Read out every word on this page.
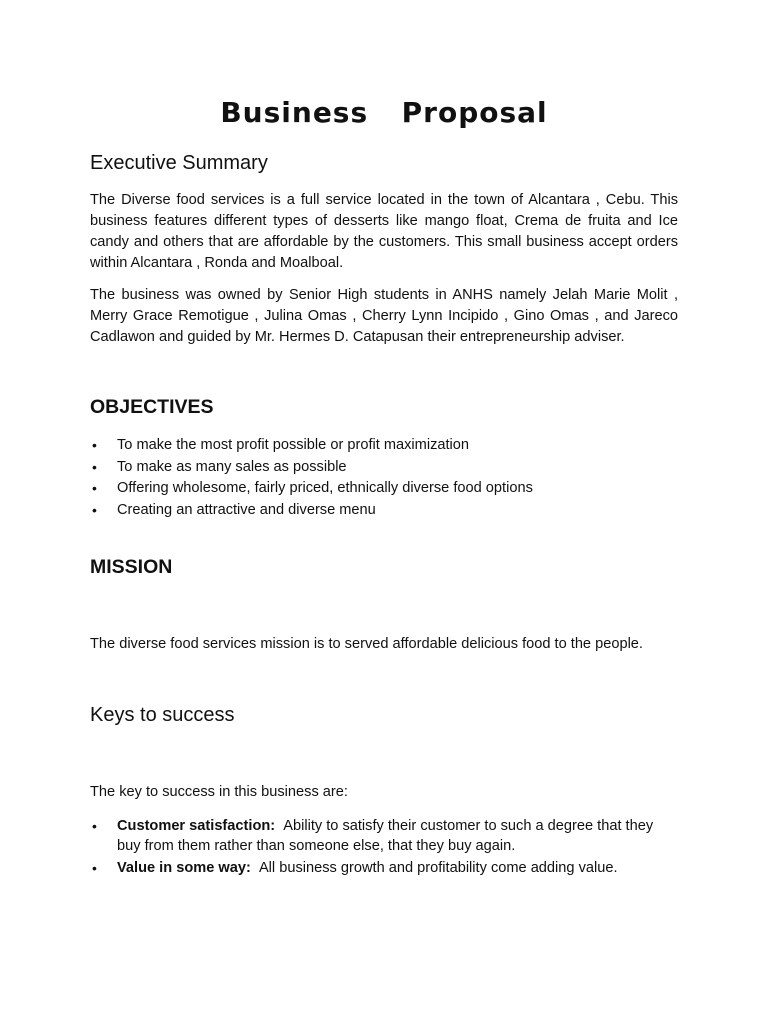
Business  Proposal
Executive Summary

The Diverse food services is a full service located in the town of Alcantara , Cebu. This business features different types of desserts like mango float, Crema de fruita and Ice candy and others that are affordable by the customers. This small business accept orders within Alcantara , Ronda and Moalboal.

The business was owned by Senior High students in ANHS namely Jelah Marie Molit , Merry Grace Remotigue , Julina Omas , Cherry Lynn Incipido , Gino Omas , and Jareco Cadlawon and guided by Mr. Hermes D. Catapusan their entrepreneurship adviser.

OBJECTIVES
• To make the most profit possible or profit maximization
• To make as many sales as possible
• Offering wholesome, fairly priced, ethnically diverse food options
• Creating an attractive and diverse menu
MISSION

The diverse food services mission is to served affordable delicious food to the people.

Keys to success

The key to success in this business are:

• Customer satisfaction: Ability to satisfy their customer to such a degree that they buy from them rather than someone else, that they buy again.
• Value in some way: All business growth and profitability come adding value.
